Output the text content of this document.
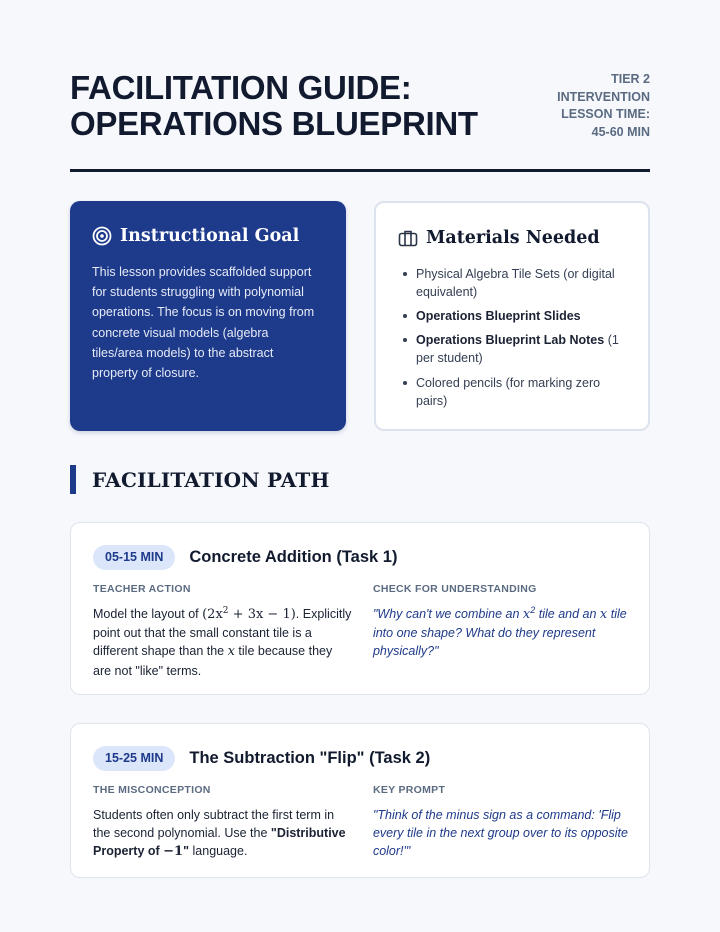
FACILITATION GUIDE:
OPERATIONS BLUEPRINT
TIER 2
INTERVENTION
LESSON TIME:
45-60 MIN
Instructional Goal

This lesson provides scaffolded support for students struggling with polynomial operations. The focus is on moving from concrete visual models (algebra tiles/area models) to the abstract property of closure.

Materials Needed
Physical Algebra Tile Sets (or digital equivalent)
Operations Blueprint Slides
Operations Blueprint Lab Notes (1 per student)
Colored pencils (for marking zero pairs)
FACILITATION PATH
05-15 MIN	Concrete Addition (Task 1)
TEACHER ACTION

Model the layout of $(2x^2 + 3x - 1)$. Explicitly point out that the small constant tile is a different shape than the x tile because they are not "like" terms.

CHECK FOR UNDERSTANDING

"Why can't we combine an $x^2$ tile and an x tile into one shape? What do they represent physically?"

15-25 MIN	The Subtraction "Flip" (Task 2)
THE MISCONCEPTION

Students often only subtract the first term in the second polynomial. Use the "Distributive Property of −1" language.

KEY PROMPT

"Think of the minus sign as a command: 'Flip every tile in the next group over to its opposite color!'"
